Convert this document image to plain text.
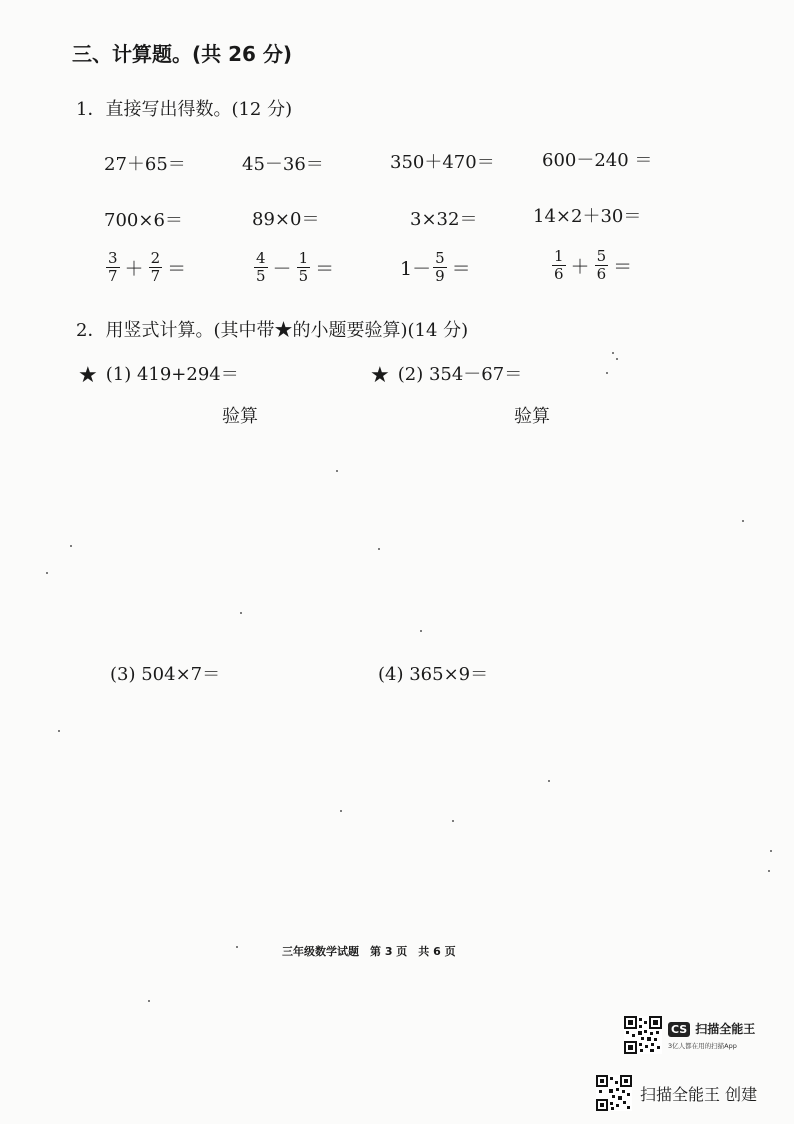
三、计算题。(共 26 分)
1．直接写出得数。(12 分)
27＋65＝	45－36＝	350＋470＝	600－240 ＝
700×6＝	89×0＝	3×32＝	14×2＋30＝
$\frac{3}{7} + \frac{2}{7}$ ＝	$\frac{4}{5} - \frac{1}{5}$ ＝	$1- \frac{5}{9}$ ＝	$\frac{1}{6} + \frac{5}{6}$ ＝
2．用竖式计算。(其中带★的小题要验算)(14 分)
★ (1) 419+294＝	★ (2) 354－67＝
验算	验算
(3) 504×7＝	(4) 365×9＝
三年级数学试题　第 3 页　共 6 页
CS 扫描全能王
3亿人都在用的扫描App
扫描全能王 创建
